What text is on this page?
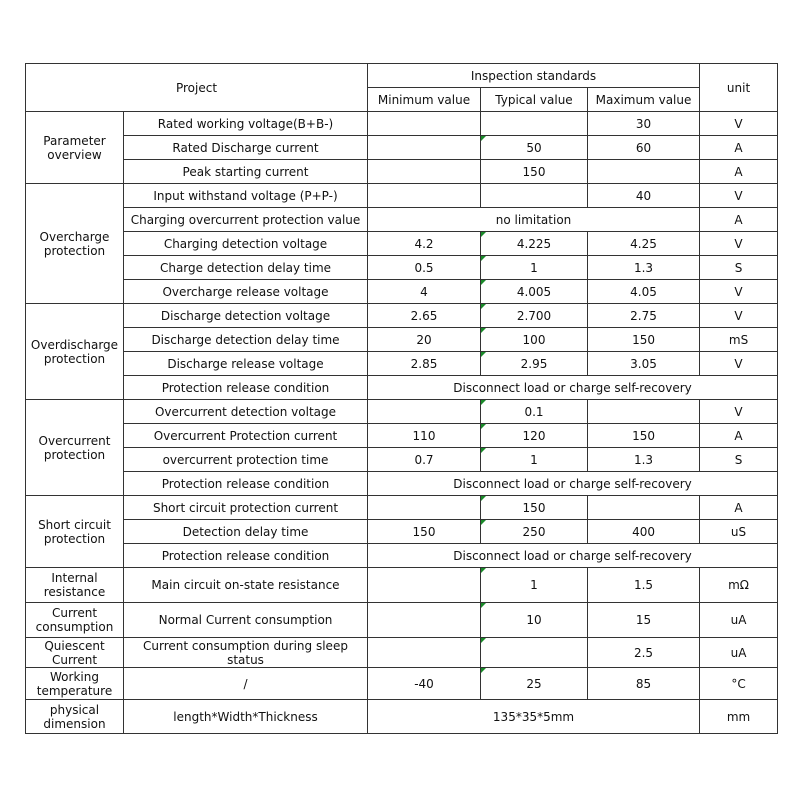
Project		Inspection standards			unit
		Minimum value	Typical value	Maximum value	

Parameter
overview	Rated working voltage(B+B-)			30	V
	Rated Discharge current		50	60	A
	Peak starting current		150		A

Overcharge
protection	Input withstand voltage (P+P-)			40	V
	Charging overcurrent protection value	no limitation			A
	Charging detection voltage	4.2	4.225	4.25	V
	Charge detection delay time	0.5	1	1.3	S
	Overcharge release voltage	4	4.005	4.05	V

Overdischarge
protection	Discharge detection voltage	2.65	2.700	2.75	V
	Discharge detection delay time	20	100	150	mS
	Discharge release voltage	2.85	2.95	3.05	V
	Protection release condition	Disconnect load or charge self-recovery			

Overcurrent
protection	Overcurrent detection voltage		0.1		V
	Overcurrent Protection current	110	120	150	A
	overcurrent protection time	0.7	1	1.3	S
	Protection release condition	Disconnect load or charge self-recovery			

Short circuit
protection	Short circuit protection current		150		A
	Detection delay time	150	250	400	uS
	Protection release condition	Disconnect load or charge self-recovery			

Internal
resistance	Main circuit on-state resistance		1	1.5	mΩ

Current
consumption	Normal Current consumption		10	15	uA

Quiescent
Current	Current consumption during sleep status			2.5	uA

Working
temperature	/	-40	25	85	°C

physical
dimension	length*Width*Thickness	135*35*5mm			mm
